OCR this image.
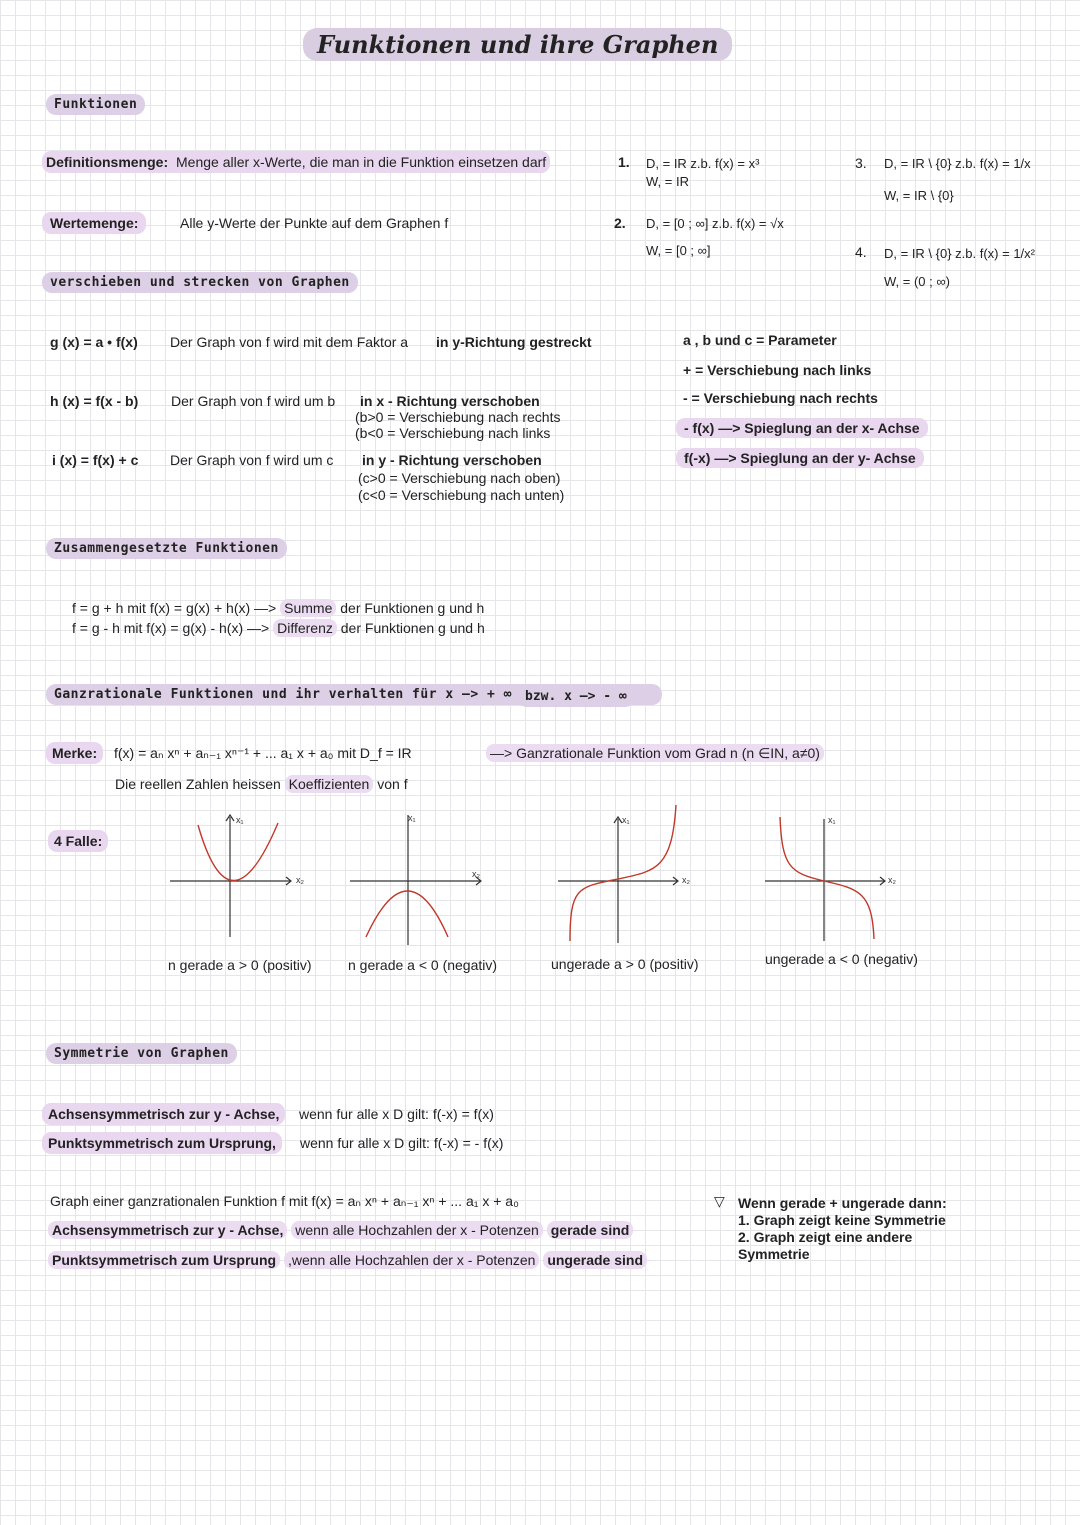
Funktionen und ihre Graphen
Funktionen
Definitionsmenge: Menge aller x-Werte, die man in die Funktion einsetzen darf
Wertemenge:	Alle y-Werte der Punkte auf dem Graphen f
1. D, = IR z.b. f(x) = x³
W, = IR
2. D, = [0 ; ∞] z.b. f(x) = √x
W, = [0 ; ∞]
3. D, = IR \ {0} z.b. f(x) = 1/x
W, = IR \ {0}
4. D, = IR \ {0} z.b. f(x) = 1/x²
W, = (0 ; ∞)
verschieben und strecken von Graphen
g (x) = a • f(x) Der Graph von f wird mit dem Faktor a in y-Richtung gestreckt
h (x) = f(x - b) Der Graph von f wird um b in x - Richtung verschoben
(b>0 = Verschiebung nach rechts
(b<0 = Verschiebung nach links
i (x) = f(x) + c Der Graph von f wird um c in y - Richtung verschoben
(c>0 = Verschiebung nach oben)
(c<0 = Verschiebung nach unten)
a , b und c = Parameter
+ = Verschiebung nach links
- = Verschiebung nach rechts
- f(x) —> Spieglung an der x- Achse
f(-x) —> Spieglung an der y- Achse
Zusammengesetzte Funktionen
f = g + h mit f(x) = g(x) + h(x) —> Summe der Funktionen g und h
f = g - h mit f(x) = g(x) - h(x) —> Differenz der Funktionen g und h
Ganzrationale Funktionen und ihr verhalten für x —> + ∞	bzw. x —> - ∞
Merke:	f(x) = aₙ xⁿ + aₙ₋₁ xⁿ⁻¹ + ... a₁ x + a₀ mit D_f = IR	—> Ganzrationale Funktion vom Grad n (n ∈IN, a≠0)
Die reellen Zahlen heissen Koeffizienten von f
4 Falle:
x₁
x₂
x₁
x₂
x₁
x₂
x₁
x₂
n gerade a > 0 (positiv)	n gerade a < 0 (negativ)	ungerade a > 0 (positiv)	ungerade a < 0 (negativ)
Symmetrie von Graphen
Achsensymmetrisch zur y - Achse,	wenn fur alle x D gilt: f(-x) = f(x)
Punktsymmetrisch zum Ursprung,	wenn fur alle x D gilt: f(-x) = - f(x)
Graph einer ganzrationalen Funktion f mit f(x) = aₙ xⁿ + aₙ₋₁ xⁿ + ... a₁ x + a₀
Achsensymmetrisch zur y - Achse, wenn alle Hochzahlen der x - Potenzen gerade sind
Punktsymmetrisch zum Ursprung ,wenn alle Hochzahlen der x - Potenzen ungerade sind
▽ Wenn gerade + ungerade dann:
1. Graph zeigt keine Symmetrie
2. Graph zeigt eine andere
Symmetrie
